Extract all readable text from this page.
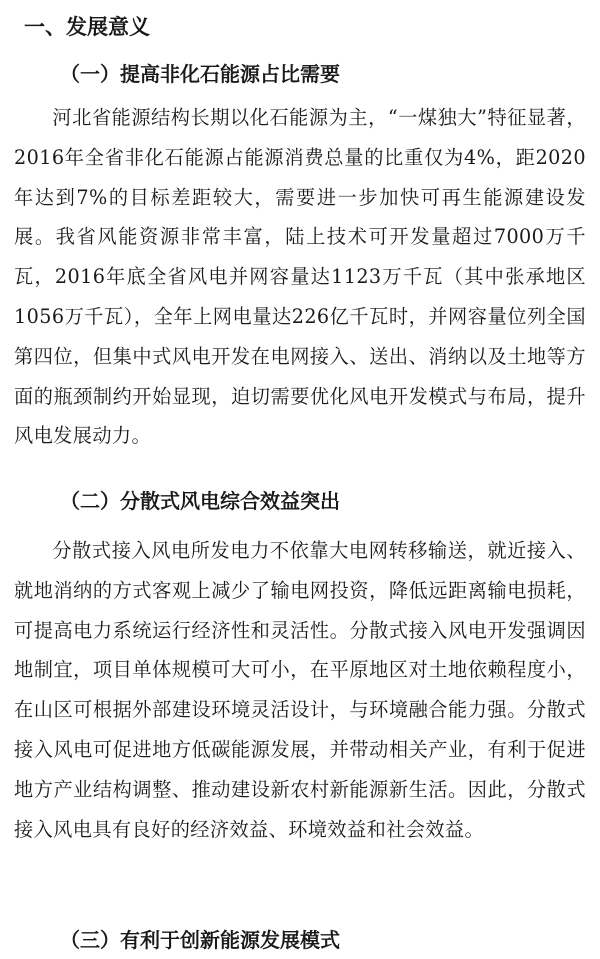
一、发展意义
（一）提高非化石能源占比需要

河北省能源结构长期以化石能源为主，“一煤独大”特征显著，2016年全省非化石能源占能源消费总量的比重仅为4%，距2020年达到7%的目标差距较大，需要进一步加快可再生能源建设发展。我省风能资源非常丰富，陆上技术可开发量超过7000万千瓦，2016年底全省风电并网容量达1123万千瓦（其中张承地区1056万千瓦），全年上网电量达226亿千瓦时，并网容量位列全国第四位，但集中式风电开发在电网接入、送出、消纳以及土地等方面的瓶颈制约开始显现，迫切需要优化风电开发模式与布局，提升风电发展动力。

（二）分散式风电综合效益突出

分散式接入风电所发电力不依靠大电网转移输送，就近接入、就地消纳的方式客观上减少了输电网投资，降低远距离输电损耗，可提高电力系统运行经济性和灵活性。分散式接入风电开发强调因地制宜，项目单体规模可大可小，在平原地区对土地依赖程度小，在山区可根据外部建设环境灵活设计，与环境融合能力强。分散式接入风电可促进地方低碳能源发展，并带动相关产业，有利于促进地方产业结构调整、推动建设新农村新能源新生活。因此，分散式接入风电具有良好的经济效益、环境效益和社会效益。

（三）有利于创新能源发展模式
